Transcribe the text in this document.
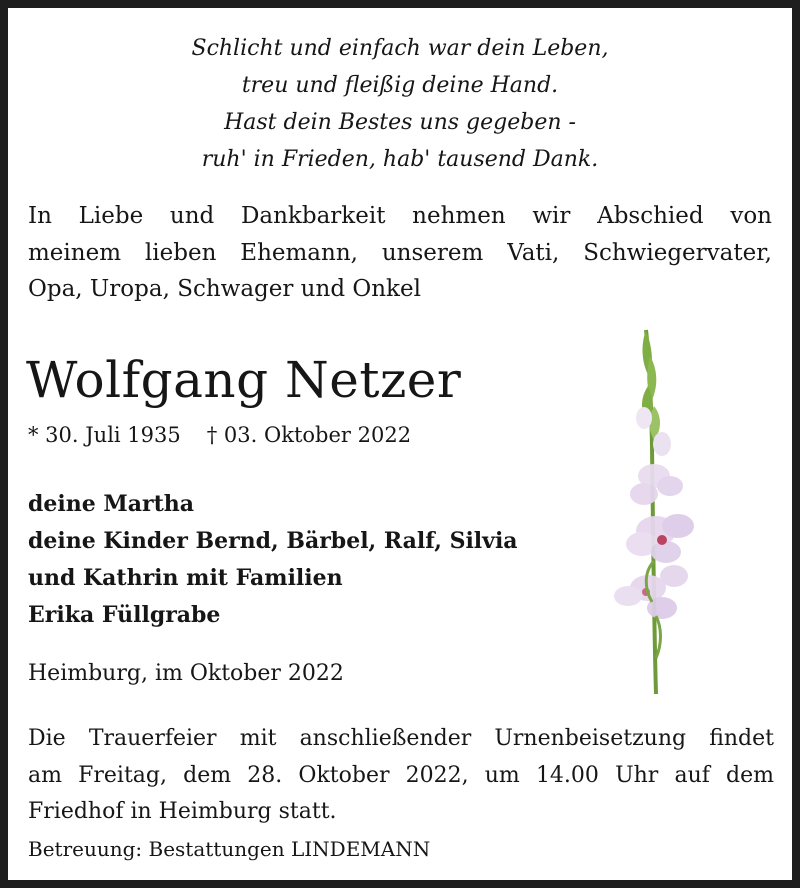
Schlicht und einfach war dein Leben,
treu und fleißig deine Hand.
Hast dein Bestes uns gegeben -
ruh' in Frieden, hab' tausend Dank.
In Liebe und Dankbarkeit nehmen wir Abschied von
meinem lieben Ehemann, unserem Vati, Schwiegervater,
Opa, Uropa, Schwager und Onkel
Wolfgang Netzer
* 30. Juli 1935 † 03. Oktober 2022
deine Martha
deine Kinder Bernd, Bärbel, Ralf, Silvia
und Kathrin mit Familien
Erika Füllgrabe
Heimburg, im Oktober 2022
Die Trauerfeier mit anschließender Urnenbeisetzung findet
am Freitag, dem 28. Oktober 2022, um 14.00 Uhr auf dem
Friedhof in Heimburg statt.
Betreuung: Bestattungen LINDEMANN
